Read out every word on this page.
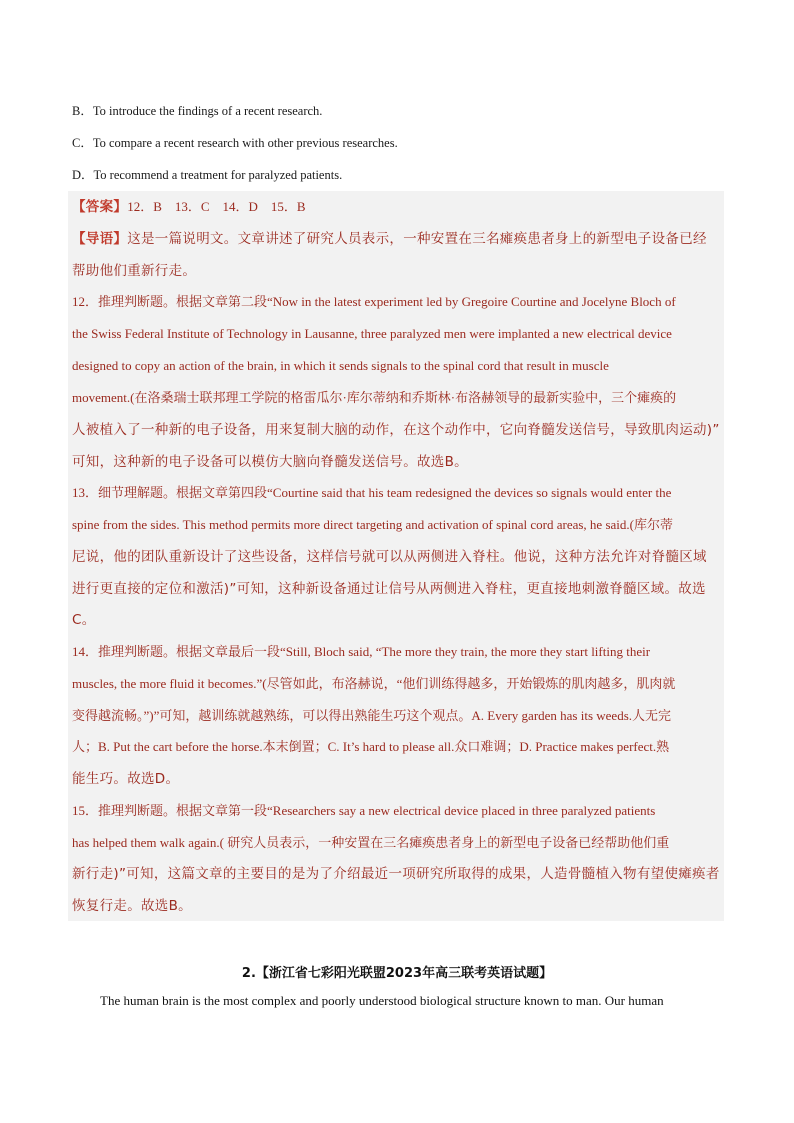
B．To introduce the findings of a recent research.
C．To compare a recent research with other previous researches.
D．To recommend a treatment for paralyzed patients.
【答案】12．B    13．C    14．D    15．B
【导语】这是一篇说明文。文章讲述了研究人员表示，一种安置在三名瘫痪患者身上的新型电子设备已经
帮助他们重新行走。
12．推理判断题。根据文章第二段“Now in the latest experiment led by Gregoire Courtine and Jocelyne Bloch of
the Swiss Federal Institute of Technology in Lausanne, three paralyzed men were implanted a new electrical device
designed to copy an action of the brain, in which it sends signals to the spinal cord that result in muscle
movement.(在洛桑瑞士联邦理工学院的格雷瓜尔·库尔蒂纳和乔斯林·布洛赫领导的最新实验中，三个瘫痪的
人被植入了一种新的电子设备，用来复制大脑的动作，在这个动作中，它向脊髓发送信号，导致肌肉运动)”
可知，这种新的电子设备可以模仿大脑向脊髓发送信号。故选B。
13．细节理解题。根据文章第四段“Courtine said that his team redesigned the devices so signals would enter the
spine from the sides. This method permits more direct targeting and activation of spinal cord areas, he said.(库尔蒂
尼说，他的团队重新设计了这些设备，这样信号就可以从两侧进入脊柱。他说，这种方法允许对脊髓区域
进行更直接的定位和激活)”可知，这种新设备通过让信号从两侧进入脊柱，更直接地刺激脊髓区域。故选
C。
14．推理判断题。根据文章最后一段“Still, Bloch said, “The more they train, the more they start lifting their
muscles, the more fluid it becomes.”(尽管如此，布洛赫说，“他们训练得越多，开始锻炼的肌肉越多，肌肉就
变得越流畅。”)”可知，越训练就越熟练，可以得出熟能生巧这个观点。A. Every garden has its weeds.人无完
人；B. Put the cart before the horse.本末倒置；C. It’s hard to please all.众口难调；D. Practice makes perfect.熟
能生巧。故选D。
15．推理判断题。根据文章第一段“Researchers say a new electrical device placed in three paralyzed patients
has helped them walk again.( 研究人员表示，一种安置在三名瘫痪患者身上的新型电子设备已经帮助他们重
新行走)”可知，这篇文章的主要目的是为了介绍最近一项研究所取得的成果，人造骨髓植入物有望使瘫痪者
恢复行走。故选B。
2.【浙江省七彩阳光联盟2023年高三联考英语试题】
The human brain is the most complex and poorly understood biological structure known to man. Our human
